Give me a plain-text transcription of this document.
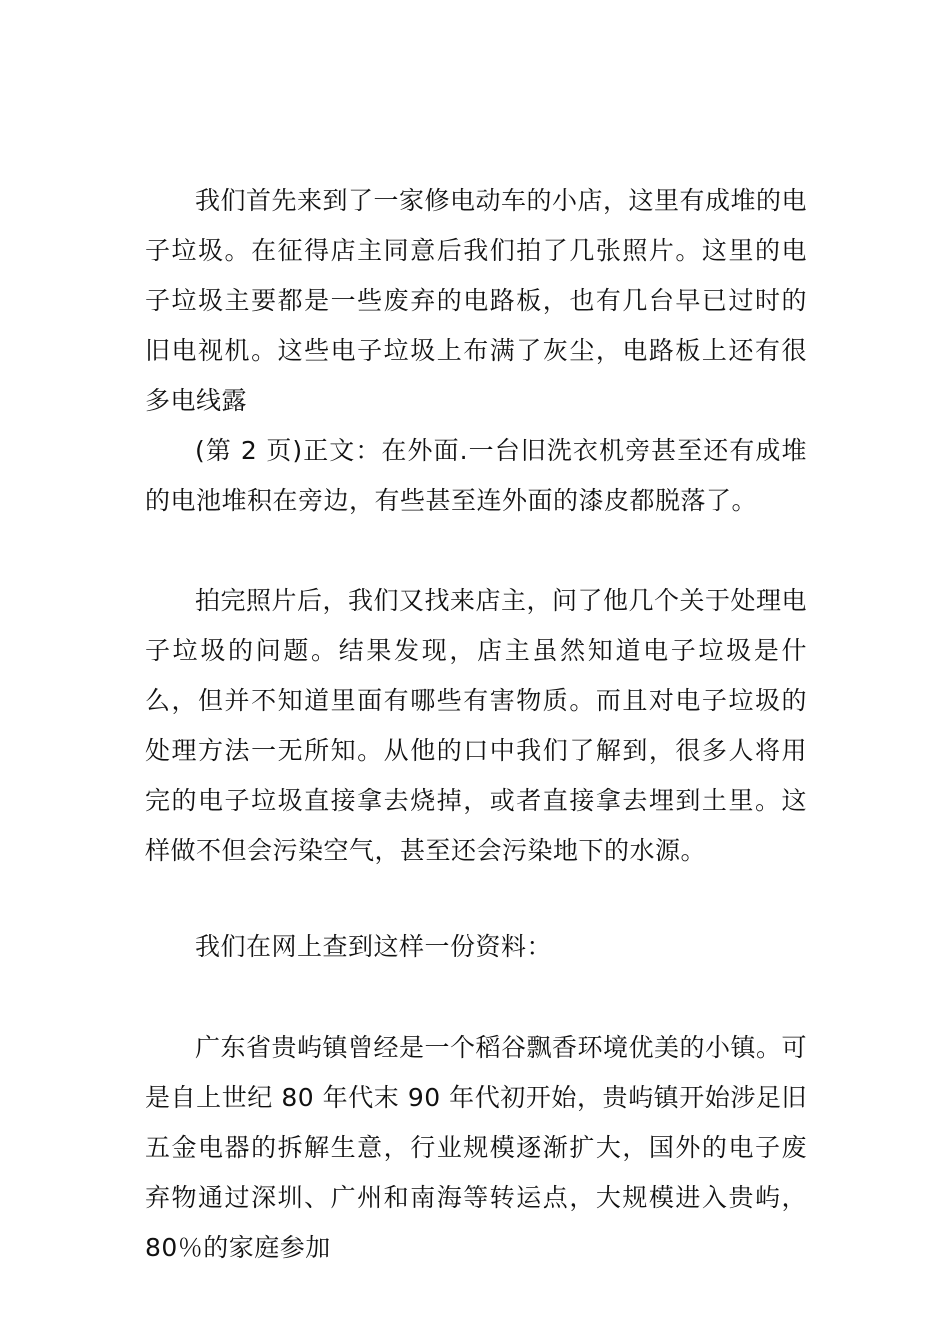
我们首先来到了一家修电动车的小店，这里有成堆的电子垃圾。在征得店主同意后我们拍了几张照片。这里的电子垃圾主要都是一些废弃的电路板，也有几台早已过时的旧电视机。这些电子垃圾上布满了灰尘，电路板上还有很多电线露

(第 2 页)正文：在外面.一台旧洗衣机旁甚至还有成堆的电池堆积在旁边，有些甚至连外面的漆皮都脱落了。

拍完照片后，我们又找来店主，问了他几个关于处理电子垃圾的问题。结果发现，店主虽然知道电子垃圾是什么，但并不知道里面有哪些有害物质。而且对电子垃圾的处理方法一无所知。从他的口中我们了解到，很多人将用完的电子垃圾直接拿去烧掉，或者直接拿去埋到土里。这样做不但会污染空气，甚至还会污染地下的水源。

我们在网上查到这样一份资料：

广东省贵屿镇曾经是一个稻谷飘香环境优美的小镇。可是自上世纪 80 年代末 90 年代初开始，贵屿镇开始涉足旧五金电器的拆解生意，行业规模逐渐扩大，国外的电子废弃物通过深圳、广州和南海等转运点，大规模进入贵屿，80％的家庭参加
